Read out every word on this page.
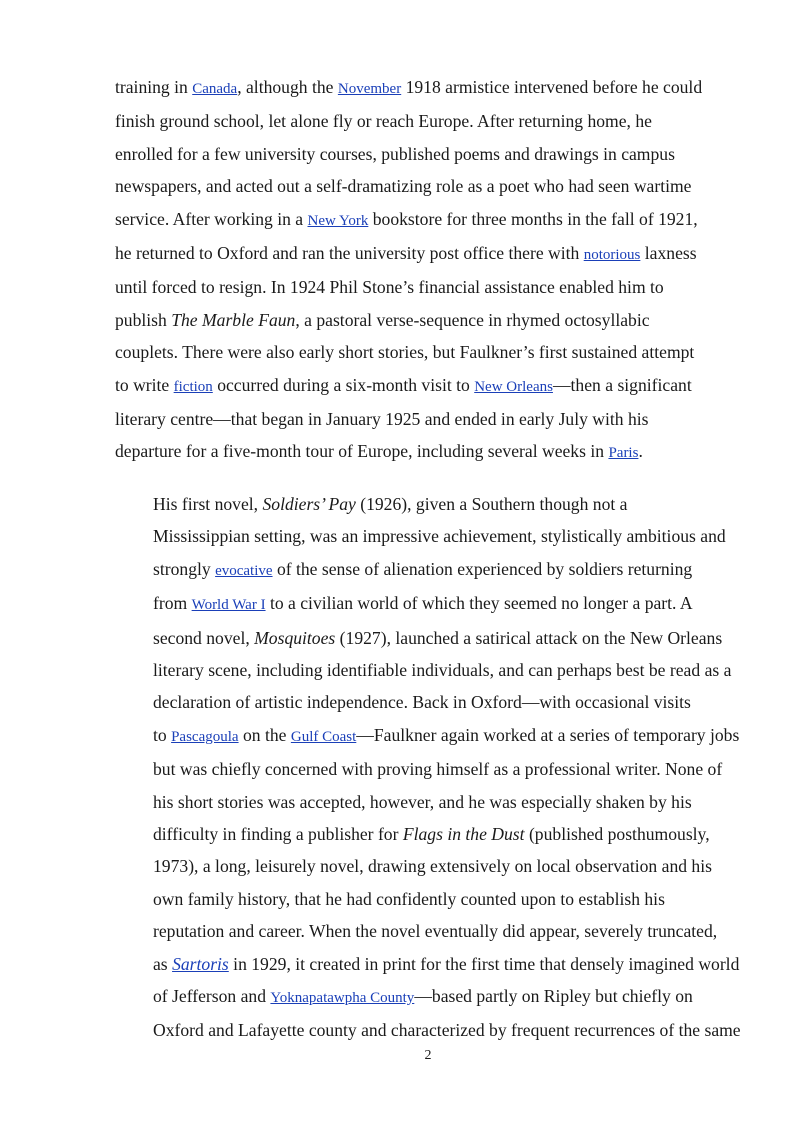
training in Canada, although the November 1918 armistice intervened before he could
finish ground school, let alone fly or reach Europe. After returning home, he
enrolled for a few university courses, published poems and drawings in campus
newspapers, and acted out a self-dramatizing role as a poet who had seen wartime
service. After working in a New York bookstore for three months in the fall of 1921,
he returned to Oxford and ran the university post office there with notorious laxness
until forced to resign. In 1924 Phil Stone’s financial assistance enabled him to
publish The Marble Faun, a pastoral verse-sequence in rhymed octosyllabic
couplets. There were also early short stories, but Faulkner’s first sustained attempt
to write fiction occurred during a six-month visit to New Orleans—then a significant
literary centre—that began in January 1925 and ended in early July with his
departure for a five-month tour of Europe, including several weeks in Paris.
His first novel, Soldiers’ Pay (1926), given a Southern though not a
Mississippian setting, was an impressive achievement, stylistically ambitious and
strongly evocative of the sense of alienation experienced by soldiers returning
from World War I to a civilian world of which they seemed no longer a part. A
second novel, Mosquitoes (1927), launched a satirical attack on the New Orleans
literary scene, including identifiable individuals, and can perhaps best be read as a
declaration of artistic independence. Back in Oxford—with occasional visits
to Pascagoula on the Gulf Coast—Faulkner again worked at a series of temporary jobs
but was chiefly concerned with proving himself as a professional writer. None of
his short stories was accepted, however, and he was especially shaken by his
difficulty in finding a publisher for Flags in the Dust (published posthumously,
1973), a long, leisurely novel, drawing extensively on local observation and his
own family history, that he had confidently counted upon to establish his
reputation and career. When the novel eventually did appear, severely truncated,
as Sartoris in 1929, it created in print for the first time that densely imagined world
of Jefferson and Yoknapatawpha County—based partly on Ripley but chiefly on
Oxford and Lafayette county and characterized by frequent recurrences of the same
2
